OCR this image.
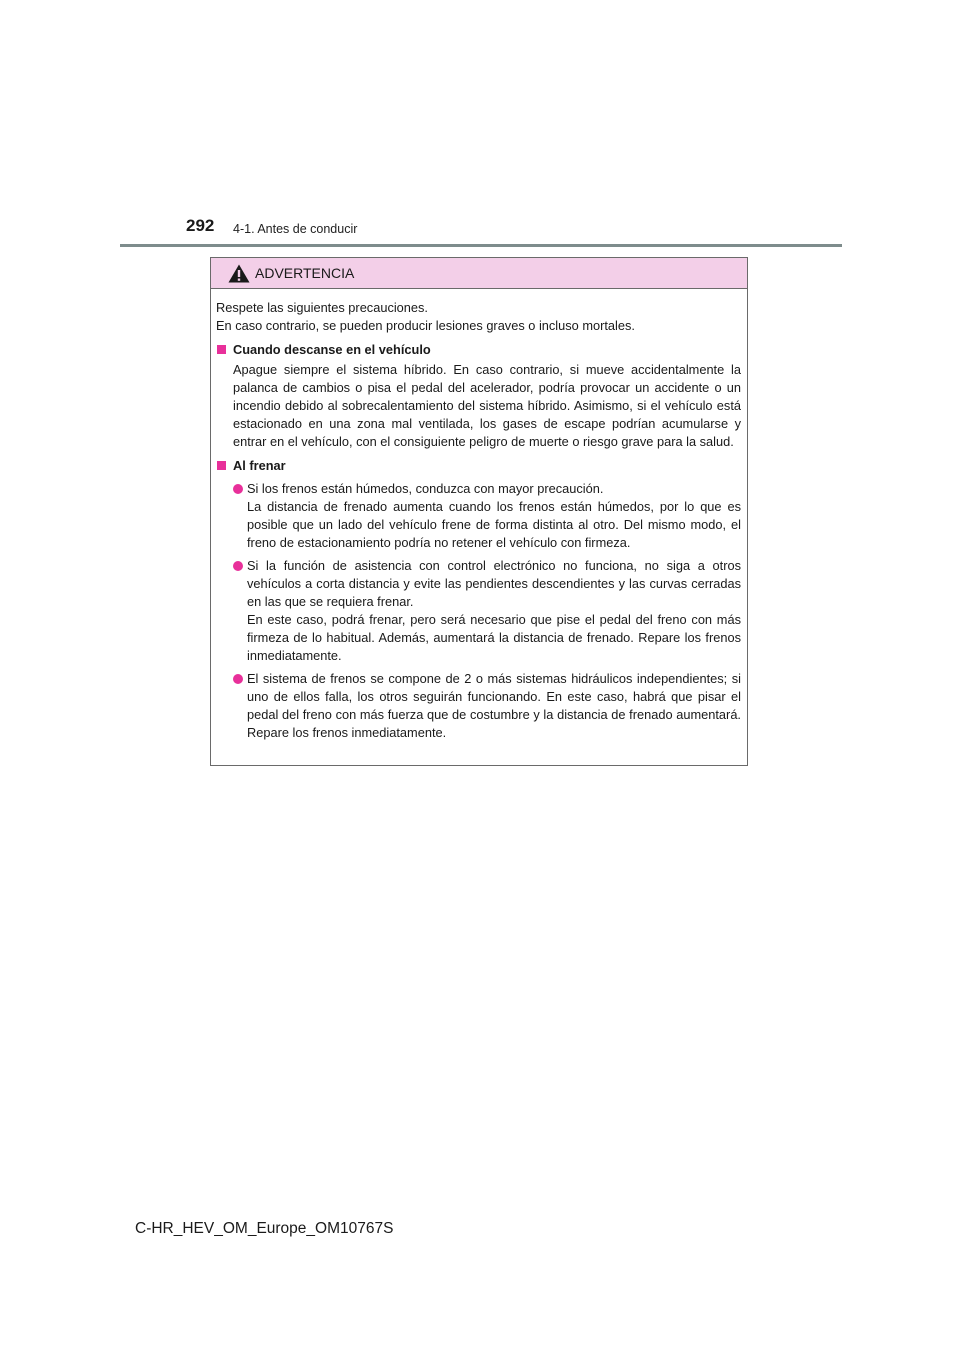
292 4-1. Antes de conducir
ADVERTENCIA
Respete las siguientes precauciones.
En caso contrario, se pueden producir lesiones graves o incluso mortales.
Cuando descanse en el vehículo
Apague siempre el sistema híbrido. En caso contrario, si mueve accidentalmente la palanca de cambios o pisa el pedal del acelerador, podría provocar un accidente o un incendio debido al sobrecalentamiento del sistema híbrido. Asimismo, si el vehículo está estacionado en una zona mal ventilada, los gases de escape podrían acumularse y entrar en el vehículo, con el consiguiente peligro de muerte o riesgo grave para la salud.
Al frenar

Si los frenos están húmedos, conduzca con mayor precaución.

La distancia de frenado aumenta cuando los frenos están húmedos, por lo que es posible que un lado del vehículo frene de forma distinta al otro. Del mismo modo, el freno de estacionamiento podría no retener el vehículo con firmeza.

Si la función de asistencia con control electrónico no funciona, no siga a otros vehículos a corta distancia y evite las pendientes descendientes y las curvas cerradas en las que se requiera frenar.

En este caso, podrá frenar, pero será necesario que pise el pedal del freno con más firmeza de lo habitual. Además, aumentará la distancia de frenado. Repare los frenos inmediatamente.

El sistema de frenos se compone de 2 o más sistemas hidráulicos independientes; si uno de ellos falla, los otros seguirán funcionando. En este caso, habrá que pisar el pedal del freno con más fuerza que de costumbre y la distancia de frenado aumentará. Repare los frenos inmediatamente.

C-HR_HEV_OM_Europe_OM10767S
